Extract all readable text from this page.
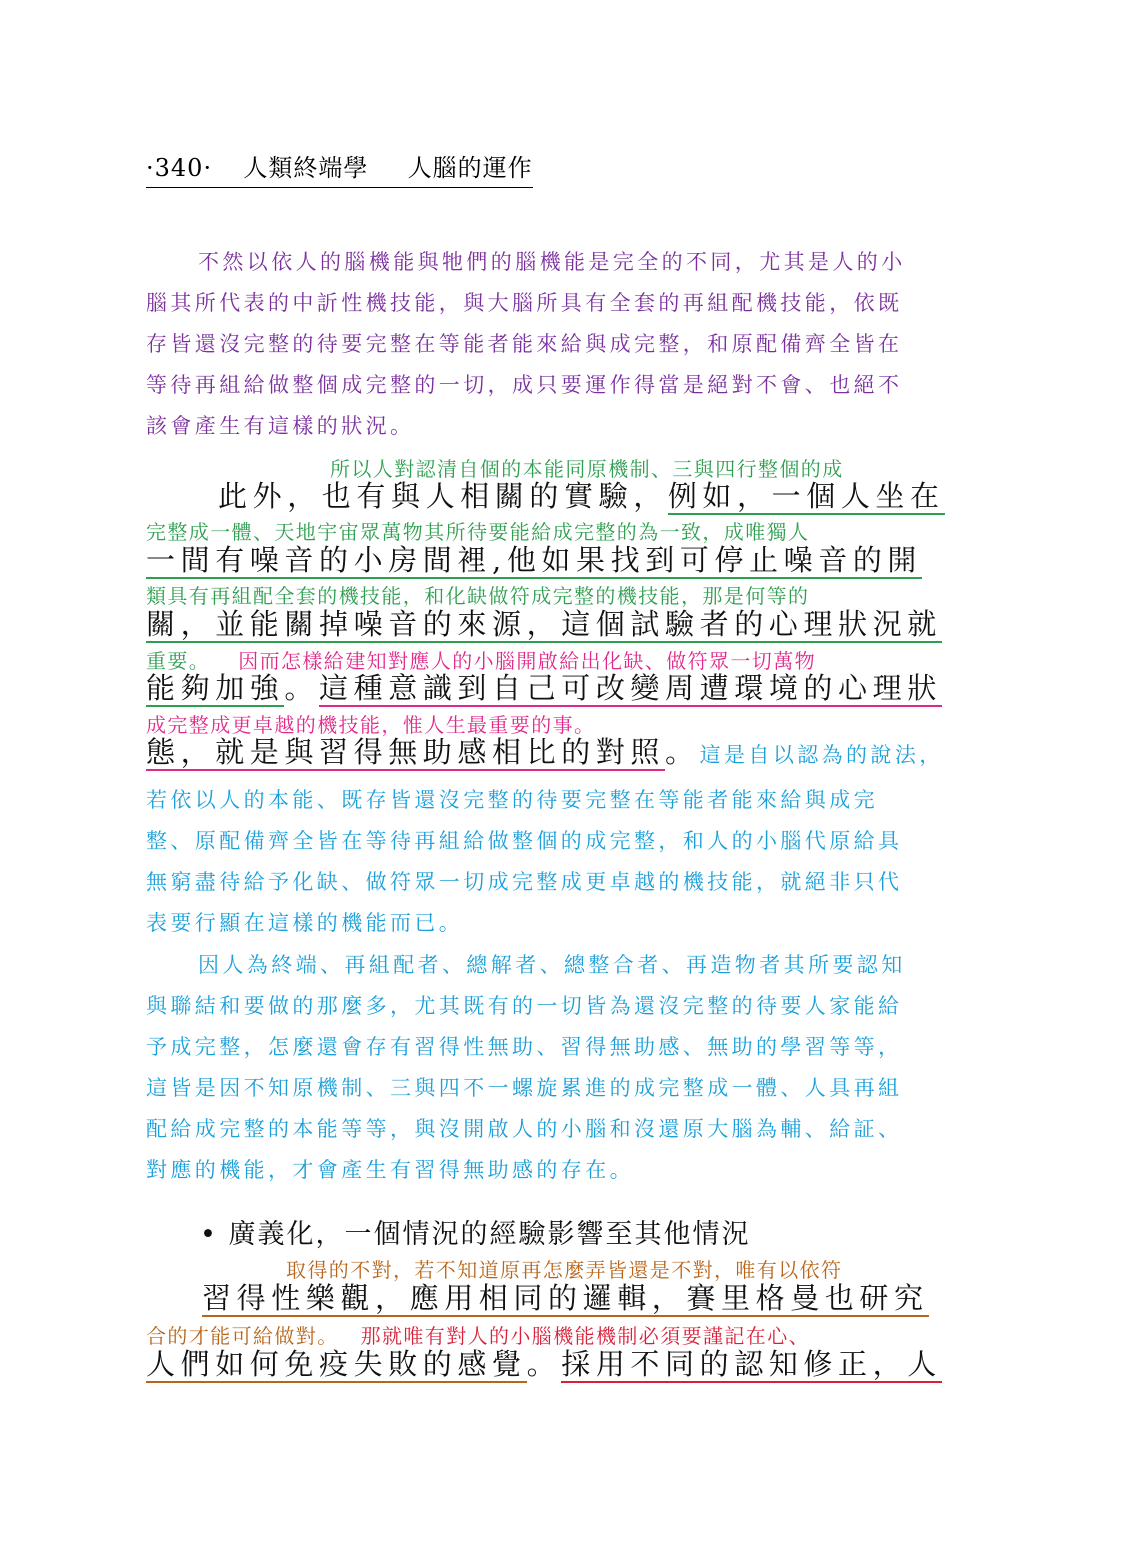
·340· 人類終端學 人腦的運作
不然以依人的腦機能與牠們的腦機能是完全的不同，尤其是人的小
腦其所代表的中訢性機技能，與大腦所具有全套的再組配機技能，依既
存皆還沒完整的待要完整在等能者能來給與成完整，和原配備齊全皆在
等待再組給做整個成完整的一切，成只要運作得當是絕對不會、也絕不
該會產生有這樣的狀況。
所以人對認清自個的本能同原機制、三與四行整個的成
此外，也有與人相關的實驗，例如，一個人坐在
完整成一體、天地宇宙眾萬物其所待要能給成完整的為一致，成唯獨人
一間有噪音的小房間裡,他如果找到可停止噪音的開
類具有再組配全套的機技能，和化缺做符成完整的機技能，那是何等的
關，並能關掉噪音的來源，這個試驗者的心理狀況就
重要。 因而怎樣給建知對應人的小腦開啟給出化缺、做符眾一切萬物
能夠加強。這種意識到自己可改變周遭環境的心理狀
成完整成更卓越的機技能，惟人生最重要的事。
態，就是與習得無助感相比的對照。這是自以認為的說法，
若依以人的本能、既存皆還沒完整的待要完整在等能者能來給與成完
整、原配備齊全皆在等待再組給做整個的成完整，和人的小腦代原給具
無窮盡待給予化缺、做符眾一切成完整成更卓越的機技能，就絕非只代
表要行顯在這樣的機能而已。
因人為終端、再組配者、總解者、總整合者、再造物者其所要認知
與聯結和要做的那麼多，尤其既有的一切皆為還沒完整的待要人家能給
予成完整，怎麼還會存有習得性無助、習得無助感、無助的學習等等，
這皆是因不知原機制、三與四不一螺旋累進的成完整成一體、人具再組
配給成完整的本能等等，與沒開啟人的小腦和沒還原大腦為輔、給証、
對應的機能，才會產生有習得無助感的存在。
• 廣義化，一個情況的經驗影響至其他情況
取得的不對，若不知道原再怎麼弄皆還是不對，唯有以依符
習得性樂觀，應用相同的邏輯，賽里格曼也研究
合的才能可給做對。 那就唯有對人的小腦機能機制必須要謹記在心、
人們如何免疫失敗的感覺。採用不同的認知修正，人
